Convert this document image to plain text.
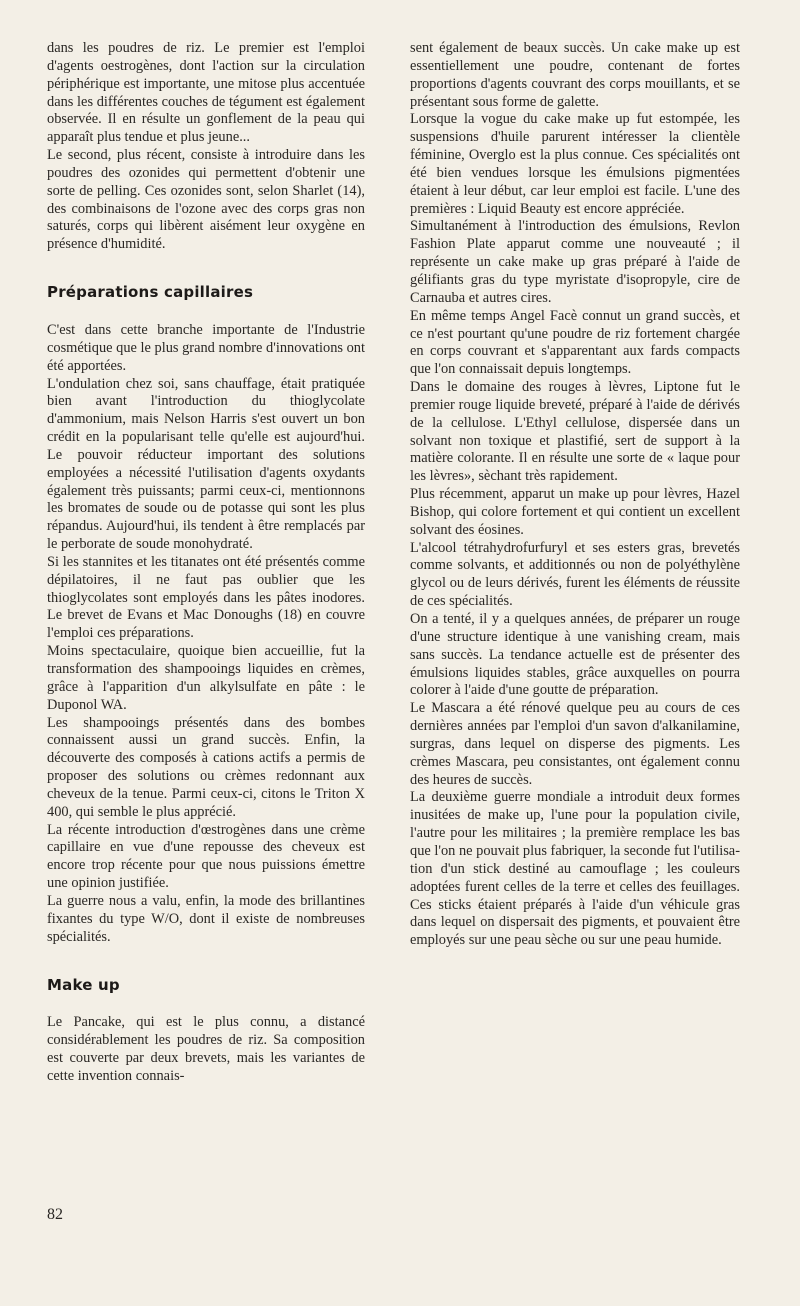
dans les poudres de riz. Le premier est l'emploi d'agents oestrogènes, dont l'action sur la circulation périphérique est importante, une mitose plus accentuée dans les différentes couches de tégument est également observée. Il en résulte un gonflement de la peau qui apparaît plus tendue et plus jeune...

Le second, plus récent, consiste à introduire dans les poudres des ozonides qui permettent d'obtenir une sorte de pelling. Ces ozonides sont, selon Sharlet (14), des combinaisons de l'ozone avec des corps gras non saturés, corps qui libèrent aisément leur oxygène en présence d'humidité.

Préparations capillaires

C'est dans cette branche importante de l'Industrie cosmétique que le plus grand nombre d'innovations ont été apportées.

L'ondulation chez soi, sans chauffage, était pratiquée bien avant l'introduction du thioglycolate d'ammonium, mais Nelson Harris s'est ouvert un bon crédit en la popularisant telle qu'elle est aujourd'hui. Le pouvoir réducteur important des solutions employées a nécessité l'utilisation d'agents oxydants également très puissants; parmi ceux-ci, mentionnons les bromates de soude ou de potasse qui sont les plus répandus. Aujourd'hui, ils tendent à être remplacés par le perborate de soude monohydraté.

Si les stannites et les titanates ont été présentés comme dépilatoires, il ne faut pas oublier que les thioglycolates sont employés dans les pâtes inodores. Le brevet de Evans et Mac Donoughs (18) en couvre l'emploi ces préparations.

Moins spectaculaire, quoique bien accueillie, fut la transformation des shampooings liquides en crèmes, grâce à l'apparition d'un alkylsulfate en pâte : le Duponol WA.

Les shampooings présentés dans des bombes connaissent aussi un grand succès. Enfin, la découverte des composés à cations actifs a permis de proposer des solutions ou crèmes redonnant aux cheveux de la tenue. Parmi ceux-ci, citons le Triton X 400, qui semble le plus apprécié.

La récente introduction d'œstrogènes dans une crème capillaire en vue d'une repousse des cheveux est encore trop récente pour que nous puissions émettre une opinion justifiée.

La guerre nous a valu, enfin, la mode des brillantines fixantes du type W/O, dont il existe de nombreuses spécialités.

Make up

Le Pancake, qui est le plus connu, a distancé considérablement les poudres de riz. Sa composition est couverte par deux brevets, mais les variantes de cette invention connais-

sent également de beaux succès. Un cake make up est essentiellement une poudre, contenant de fortes proportions d'agents couvrant des corps mouillants, et se présentant sous forme de galette.

Lorsque la vogue du cake make up fut estompée, les suspensions d'huile parurent intéresser la clientèle féminine, Overglo est la plus connue. Ces spécialités ont été bien vendues lorsque les émulsions pigmentées étaient à leur début, car leur emploi est facile. L'une des premières : Liquid Beauty est encore appréciée.

Simultanément à l'introduction des émulsions, Revlon Fashion Plate apparut comme une nouveauté ; il représente un cake make up gras préparé à l'aide de gélifiants gras du type myristate d'isopropyle, cire de Carnauba et autres cires.

En même temps Angel Facè connut un grand succès, et ce n'est pourtant qu'une poudre de riz fortement chargée en corps couvrant et s'apparentant aux fards compacts que l'on connaissait depuis longtemps.

Dans le domaine des rouges à lèvres, Liptone fut le premier rouge liquide breveté, préparé à l'aide de dérivés de la cellulose. L'Ethyl cellulose, dispersée dans un solvant non toxique et plastifié, sert de support à la matière colorante. Il en résulte une sorte de « laque pour les lèvres», sèchant très rapidement.

Plus récemment, apparut un make up pour lèvres, Hazel Bishop, qui colore fortement et qui contient un excellent solvant des éosines.

L'alcool tétrahydrofurfuryl et ses esters gras, brevetés comme solvants, et additionnés ou non de polyéthylène glycol ou de leurs dérivés, furent les éléments de réussite de ces spécialités.

On a tenté, il y a quelques années, de préparer un rouge d'une structure identique à une vanishing cream, mais sans succès. La tendance actuelle est de présenter des émulsions liquides stables, grâce auxquelles on pourra colorer à l'aide d'une goutte de préparation.

Le Mascara a été rénové quelque peu au cours de ces dernières années par l'emploi d'un savon d'alkanilamine, surgras, dans lequel on disperse des pigments. Les crèmes Mascara, peu consistantes, ont également connu des heures de succès.

La deuxième guerre mondiale a introduit deux formes inusitées de make up, l'une pour la population civile, l'autre pour les militaires ; la première remplace les bas que l'on ne pouvait plus fabriquer, la seconde fut l'utilisation d'un stick destiné au camouflage ; les couleurs adoptées furent celles de la terre et celles des feuillages. Ces sticks étaient préparés à l'aide d'un véhicule gras dans lequel on dispersait des pigments, et pouvaient être employés sur une peau sèche ou sur une peau humide.

82
